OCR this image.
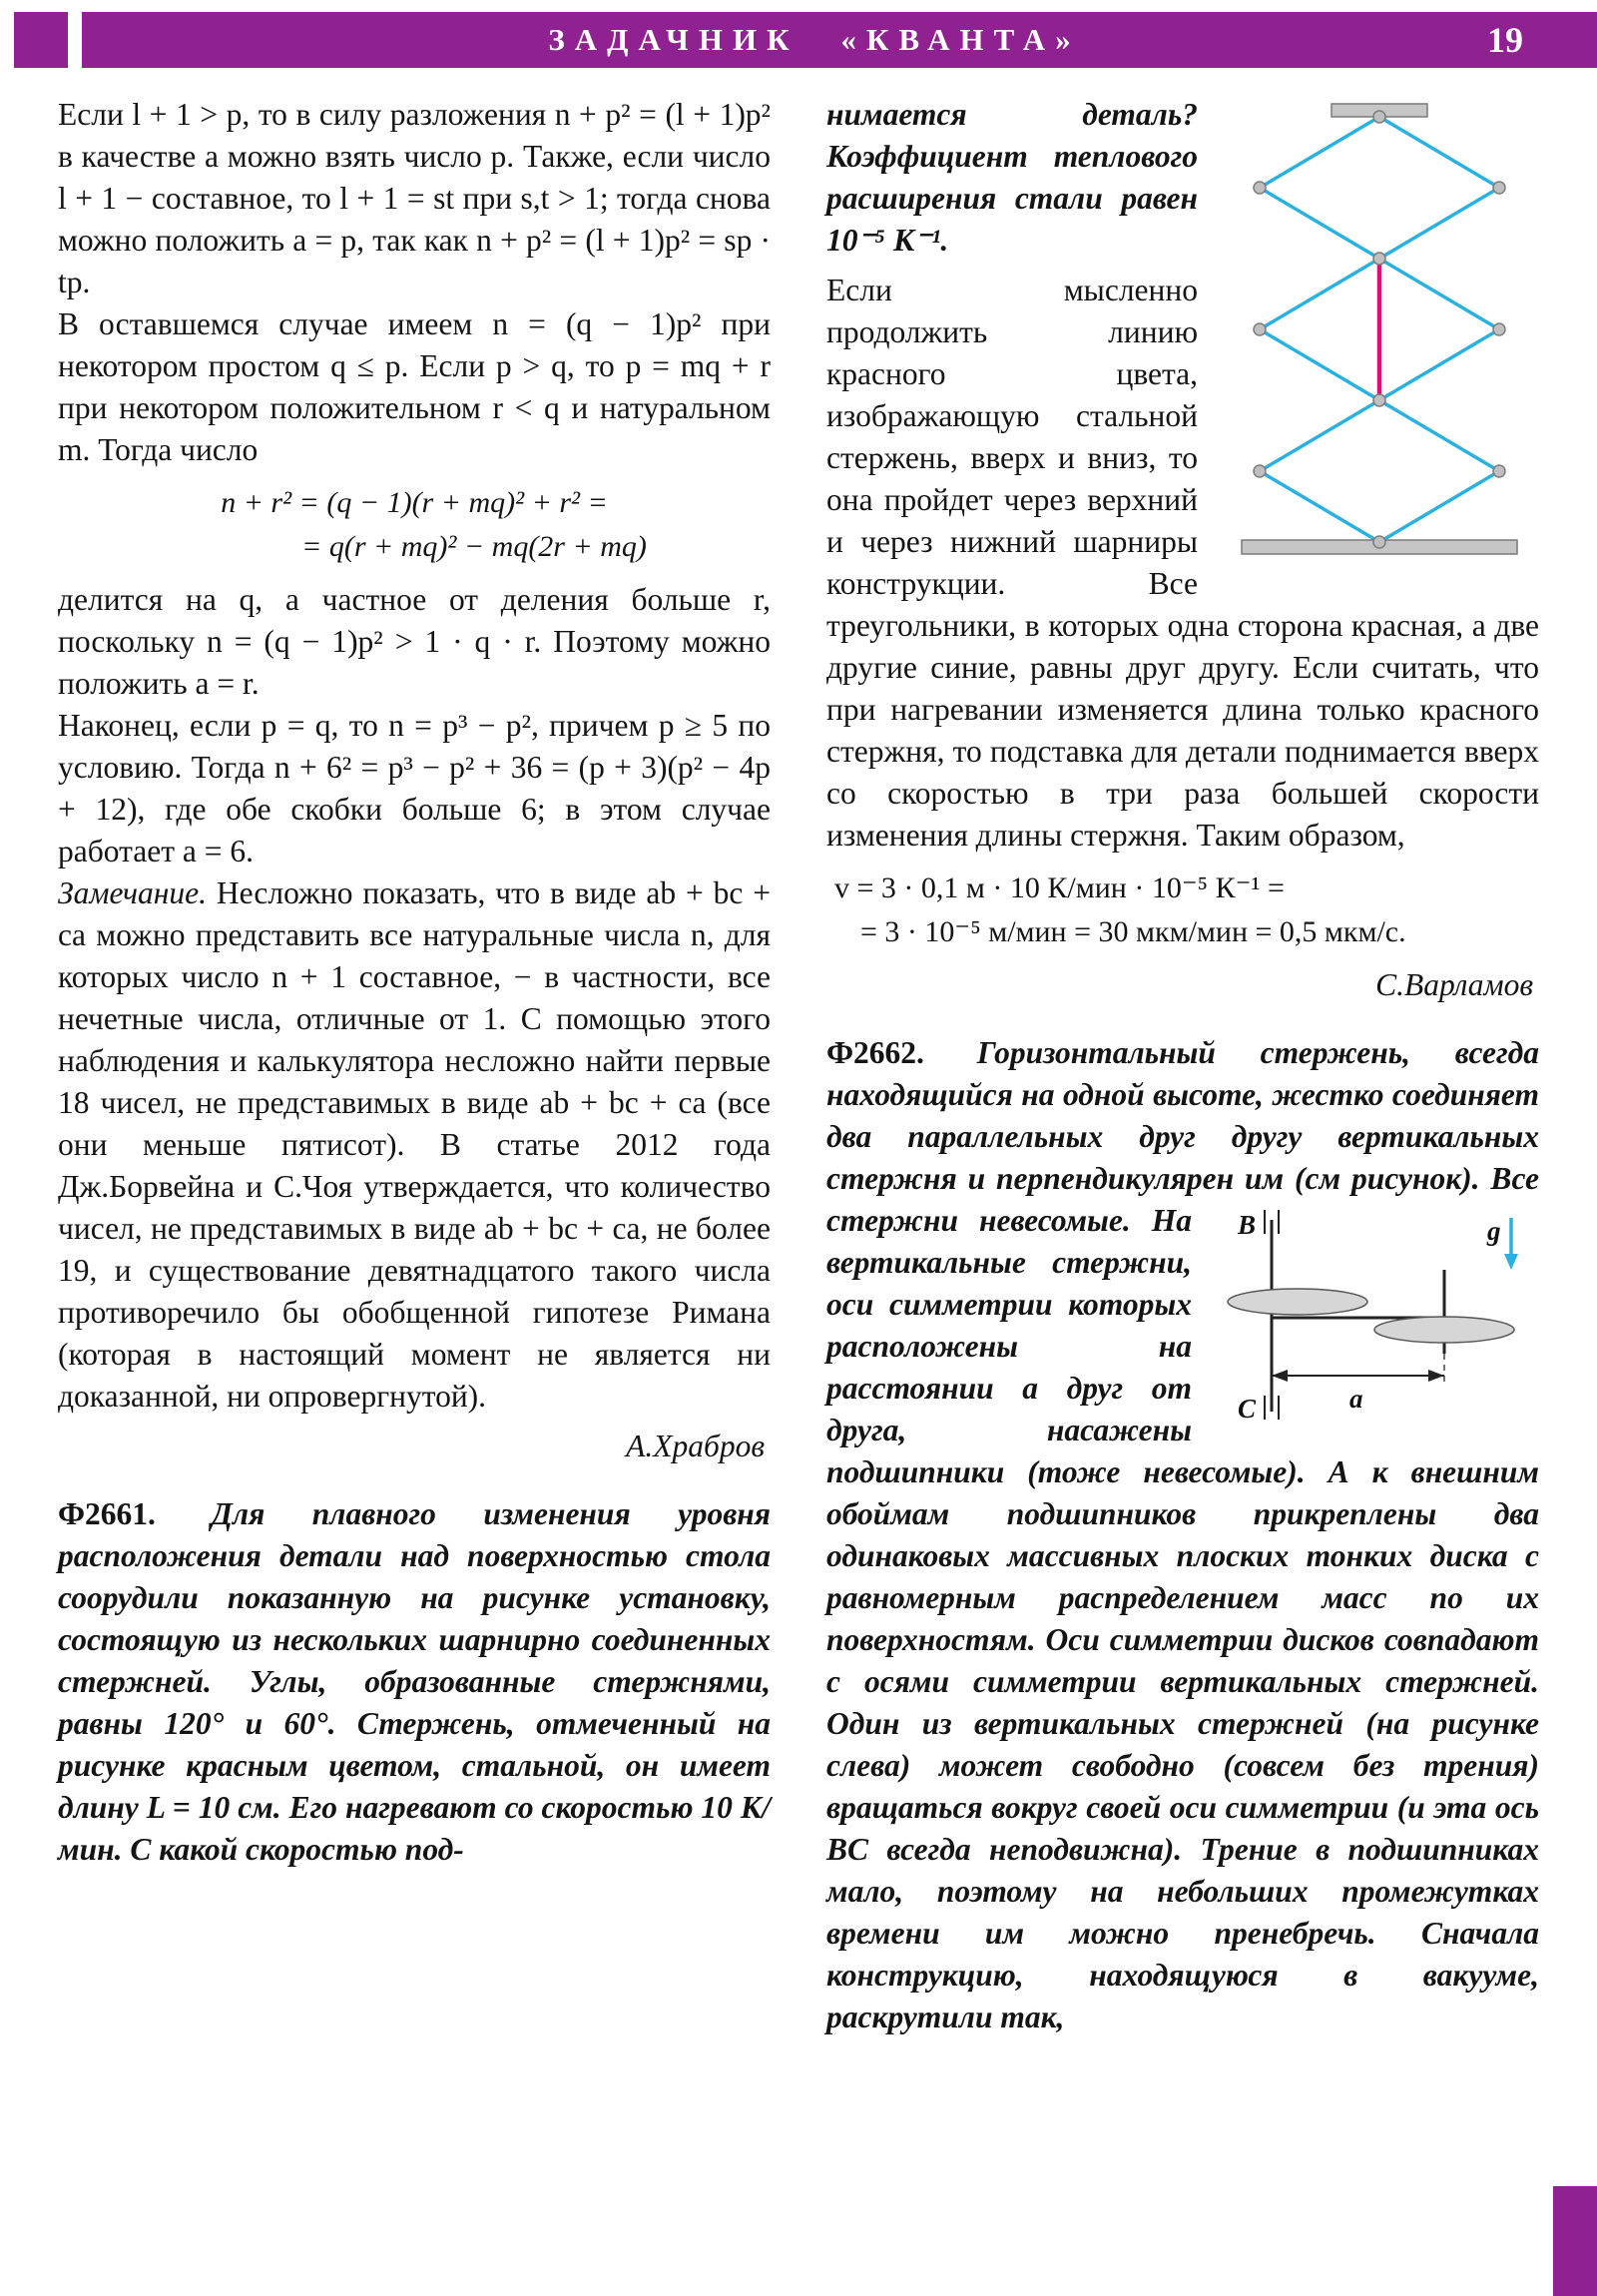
ЗАДАЧНИК «КВАНТА»	19

Если l + 1 > p, то в силу разложения n + p² = (l + 1)p² в качестве a можно взять число p. Также, если число l + 1 − составное, то l + 1 = st при s,t > 1; тогда снова можно положить a = p, так как n + p² = (l + 1)p² = sp · tp.

В оставшемся случае имеем n = (q − 1)p² при некотором простом q ≤ p. Если p > q, то p = mq + r при некотором положительном r < q и натуральном m. Тогда число

n + r² = (q − 1)(r + mq)² + r² =
= q(r + mq)² − mq(2r + mq)

делится на q, а частное от деления больше r, поскольку n = (q − 1)p² > 1 · q · r. Поэтому можно положить a = r.

Наконец, если p = q, то n = p³ − p², причем p ≥ 5 по условию. Тогда n + 6² = p³ − p² + 36 = (p + 3)(p² − 4p + 12), где обе скобки больше 6; в этом случае работает a = 6.

Замечание. Несложно показать, что в виде ab + bc + ca можно представить все натуральные числа n, для которых число n + 1 составное, − в частности, все нечетные числа, отличные от 1. С помощью этого наблюдения и калькулятора несложно найти первые 18 чисел, не представимых в виде ab + bc + ca (все они меньше пятисот). В статье 2012 года Дж.Борвейна и С.Чоя утверждается, что количество чисел, не представимых в виде ab + bc + ca, не более 19, и существование девятнадцатого такого числа противоречило бы обобщенной гипотезе Римана (которая в настоящий момент не является ни доказанной, ни опровергнутой).

А.Храбров

Ф2661. Для плавного изменения уровня расположения детали над поверхностью стола соорудили показанную на рисунке установку, состоящую из нескольких шарнирно соединенных стержней. Углы, образованные стержнями, равны 120° и 60°. Стержень, отмеченный на рисунке красным цветом, стальной, он имеет длину L = 10 см. Его нагревают со скоростью 10 К/мин. С какой скоростью под-

нимается деталь? Коэффициент теплового расширения стали равен 10⁻⁵ К⁻¹.

Если мысленно продолжить линию красного цвета, изображающую стальной стержень, вверх и вниз, то она пройдет через верхний и через нижний шарниры конструкции. Все треугольники, в которых одна сторона красная, а две другие синие, равны друг другу. Если считать, что при нагревании изменяется длина только красного стержня, то подставка для детали поднимается вверх со скоростью в три раза большей скорости изменения длины стержня. Таким образом,

v = 3 · 0,1 м · 10 К/мин · 10⁻⁵ К⁻¹ =
= 3 · 10⁻⁵ м/мин = 30 мкм/мин = 0,5 мкм/с.

С.Варламов

Ф2662. Горизонтальный стержень, всегда находящийся на одной высоте, жестко соединяет два параллельных друг другу вертикальных стержня и перпендикулярен им (см рисунок). Все стержни невесомые.	g
B
C	a
На вертикальные стержни, оси симметрии которых расположены на расстоянии a друг от друга, насажены подшипники (тоже невесомые). А к внешним обоймам подшипников прикреплены два одинаковых массивных плоских тонких диска с равномерным распределением масс по их поверхностям. Оси симметрии дисков совпадают с осями симметрии вертикальных стержней. Один из вертикальных стержней (на рисунке слева) может свободно (совсем без трения) вращаться вокруг своей оси симметрии (и эта ось BC всегда неподвижна). Трение в подшипниках мало, поэтому на небольших промежутках времени им можно пренебречь. Сначала конструкцию, находящуюся в вакууме, раскрутили так,
